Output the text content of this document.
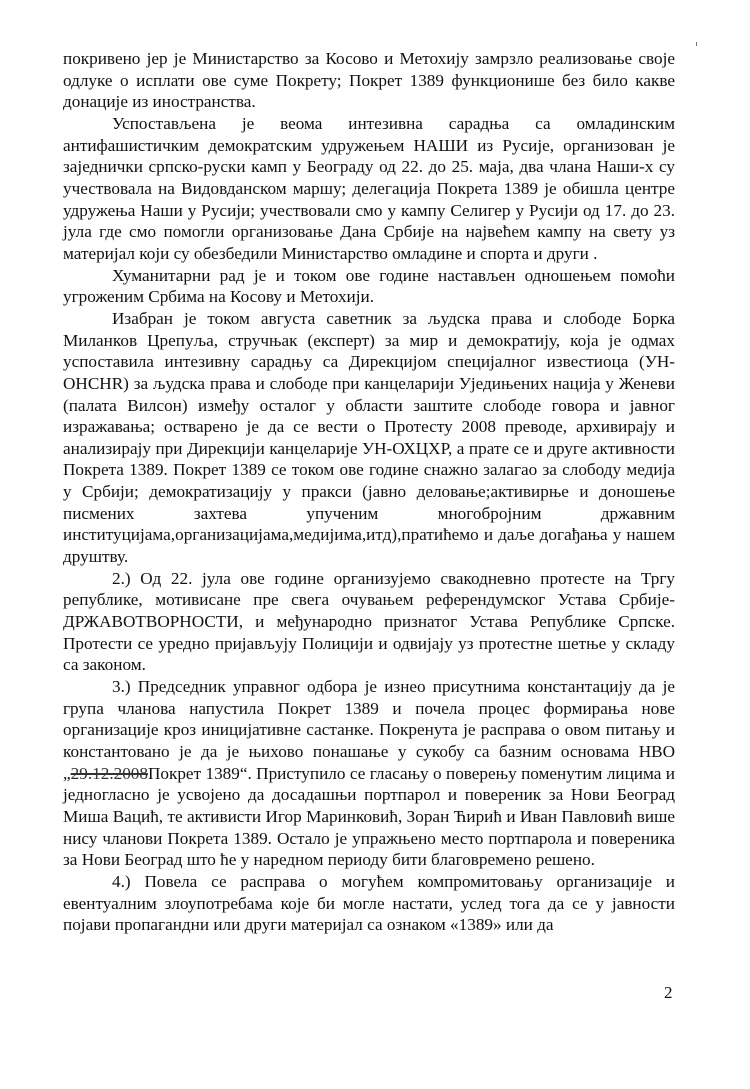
покривено јер је Министарство за Косово и Метохију замрзло реализовање своје одлуке о исплати ове суме Покрету; Покрет 1389 функционише без било какве донације из иностранства.

Успостављена је веома интезивна сарадња са омладинским антифашистичким демократским удружењем НАШИ из Русије, организован је заједнички српско-руски камп у Београду од 22. до 25. маја, два члана Наши-х су учествовала на Видовданском маршу; делегација Покрета 1389 је обишла центре удружења Наши у Русији; учествовали смо у кампу Селигер у Русији од 17. до 23. јула где смо помогли организовање Дана Србије на највећем кампу на свету уз материјал који су обезбедили Министарство омладине и спорта и други .

Хуманитарни рад је и током ове године настављен одношењем помоћи угроженим Србима на Косову и Метохији.

Изабран је током августа саветник за људска права и слободе Борка Миланков Црепуља, стручњак (експерт) за мир и демократију, која је одмах успоставила интезивну сарадњу са Дирекцијом специјалног известиоца (УН-OHCHR) за људска права и слободе при канцеларији Уједињених нација у Женеви (палата Вилсон) између осталог у области заштите слободе говора и јавног изражавања; остварено је да се вести о Протесту 2008 преводе, архивирају и анализирају при Дирекцији канцеларије УН-ОХЦХР, а прате се и друге активности Покрета 1389. Покрет 1389 се током ове године снажно залагао за слободу медија у Србији; демократизацију у пракси (јавно деловање;активирње и доношење писмених захтева упученим многобројним државним институцијама,организацијама,медијима,итд),пратићемо и даље догађања у нашем друштву.

2.) Од 22. јула ове године организујемо свакодневно протесте на Тргу републике, мотивисане пре свега очувањем референдумског Устава Србије-ДРЖАВОТВОРНОСТИ, и међународно признатог Устава Републике Српске. Протести се уредно пријављују Полицији и одвијају уз протестне шетње у складу са законом.

3.) Председник управног одбора је изнео присутнима константацију да је група чланова напустила Покрет 1389 и почела процес формирања нове организације кроз иницијативне састанке. Покренута је расправа о овом питању и константовано је да је њихово понашање у сукобу са базним основама НВО „29.12.2008Покрет 1389“. Приступило се гласању о поверењу поменутим лицима и једногласно је усвојено да досадашњи портпарол и повереник за Нови Београд Миша Вацић, те активисти Игор Маринковић, Зоран Ћирић и Иван Павловић више нису чланови Покрета 1389. Остало је упражњено место портпарола и повереника за Нови Београд што ће у наредном периоду бити благовремено решено.

4.) Повела се расправа о могућем компромитовању организације и евентуалним злоупотребама које би могле настати, услед тога да се у јавности појави пропагандни или други материјал са ознаком «1389» или да

2
